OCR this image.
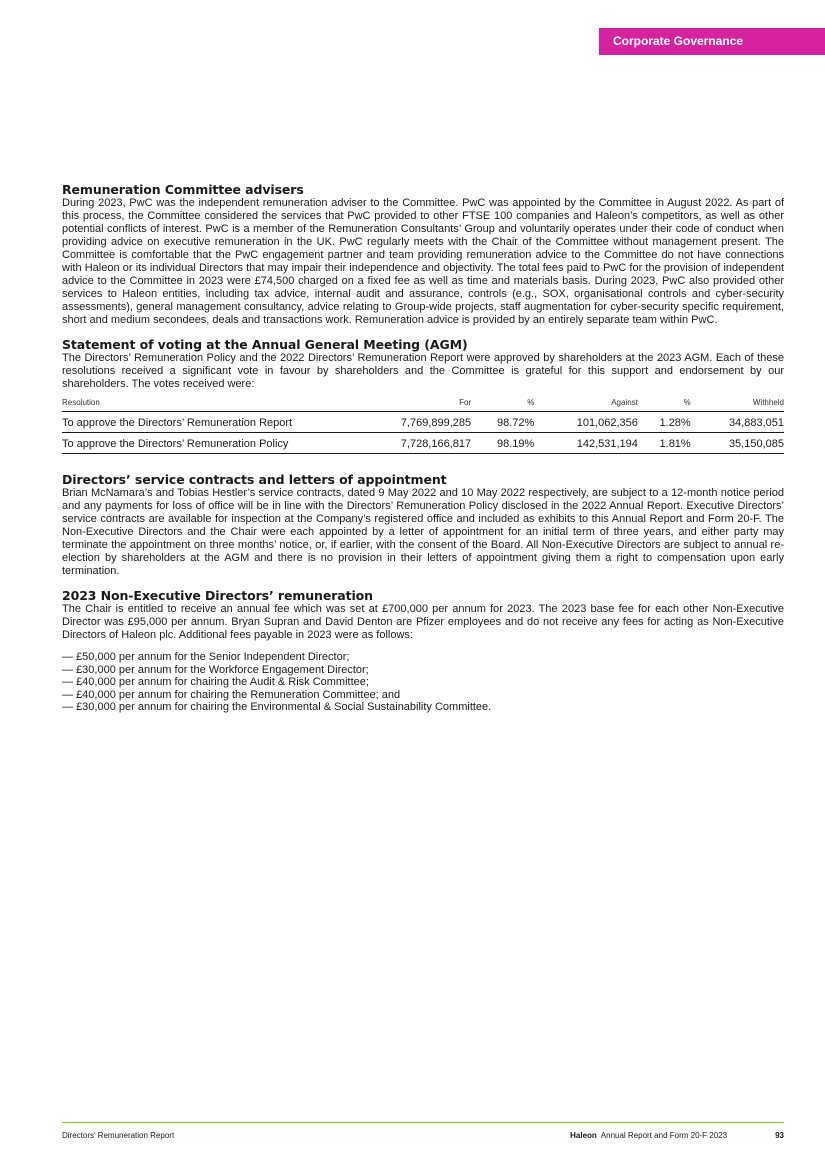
Corporate Governance
Remuneration Committee advisers

During 2023, PwC was the independent remuneration adviser to the Committee. PwC was appointed by the Committee in August 2022. As part of this process, the Committee considered the services that PwC provided to other FTSE 100 companies and Haleon’s competitors, as well as other potential conflicts of interest. PwC is a member of the Remuneration Consultants’ Group and voluntarily operates under their code of conduct when providing advice on executive remuneration in the UK. PwC regularly meets with the Chair of the Committee without management present. The Committee is comfortable that the PwC engagement partner and team providing remuneration advice to the Committee do not have connections with Haleon or its individual Directors that may impair their independence and objectivity. The total fees paid to PwC for the provision of independent advice to the Committee in 2023 were £74,500 charged on a fixed fee as well as time and materials basis. During 2023, PwC also provided other services to Haleon entities, including tax advice, internal audit and assurance, controls (e.g., SOX, organisational controls and cyber-security assessments), general management consultancy, advice relating to Group-wide projects, staff augmentation for cyber-security specific requirement, short and medium secondees, deals and transactions work. Remuneration advice is provided by an entirely separate team within PwC.

Statement of voting at the Annual General Meeting (AGM)

The Directors’ Remuneration Policy and the 2022 Directors’ Remuneration Report were approved by shareholders at the 2023 AGM. Each of these resolutions received a significant vote in favour by shareholders and the Committee is grateful for this support and endorsement by our shareholders. The votes received were:

Resolution	For	%	Against	%	Withheld
To approve the Directors’ Remuneration Report	7,769,899,285	98.72%	101,062,356	1.28%	34,883,051
To approve the Directors’ Remuneration Policy	7,728,166,817	98.19%	142,531,194	1.81%	35,150,085
Directors’ service contracts and letters of appointment

Brian McNamara’s and Tobias Hestler’s service contracts, dated 9 May 2022 and 10 May 2022 respectively, are subject to a 12-month notice period and any payments for loss of office will be in line with the Directors’ Remuneration Policy disclosed in the 2022 Annual Report. Executive Directors’ service contracts are available for inspection at the Company’s registered office and included as exhibits to this Annual Report and Form 20-F. The Non-Executive Directors and the Chair were each appointed by a letter of appointment for an initial term of three years, and either party may terminate the appointment on three months’ notice, or, if earlier, with the consent of the Board. All Non-Executive Directors are subject to annual re-election by shareholders at the AGM and there is no provision in their letters of appointment giving them a right to compensation upon early termination.

2023 Non-Executive Directors’ remuneration

The Chair is entitled to receive an annual fee which was set at £700,000 per annum for 2023. The 2023 base fee for each other Non-Executive Director was £95,000 per annum. Bryan Supran and David Denton are Pfizer employees and do not receive any fees for acting as Non-Executive Directors of Haleon plc. Additional fees payable in 2023 were as follows:

— £50,000 per annum for the Senior Independent Director;
— £30,000 per annum for the Workforce Engagement Director;
— £40,000 per annum for chairing the Audit & Risk Committee;
— £40,000 per annum for chairing the Remuneration Committee; and
— £30,000 per annum for chairing the Environmental & Social Sustainability Committee.
Directors’ Remuneration Report	Haleon Annual Report and Form 20-F 2023	93
